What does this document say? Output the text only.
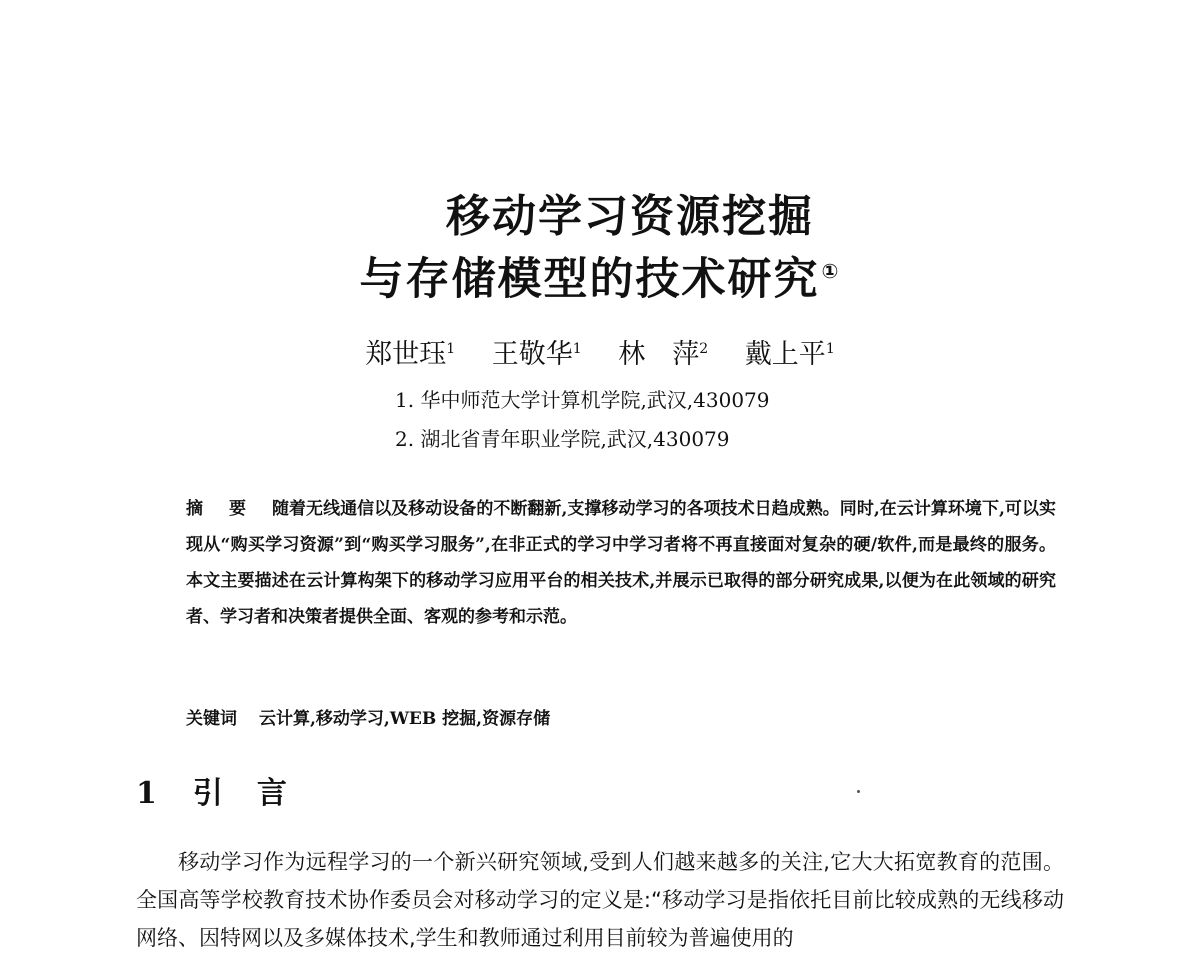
移动学习资源挖掘
与存储模型的技术研究 ①
郑世珏$^1$ 王敬华$^1$ 林　萍$^2$ 戴上平$^1$
1. 华中师范大学计算机学院,武汉,430079
2. 湖北省青年职业学院,武汉,430079
摘 要 随着无线通信以及移动设备的不断翻新,支撑移动学习的各项技术日趋成熟。同时,在云计算环境下,可以实现从“购买学习资源”到“购买学习服务”,在非正式的学习中学习者将不再直接面对复杂的硬/软件,而是最终的服务。本文主要描述在云计算构架下的移动学习应用平台的相关技术,并展示已取得的部分研究成果,以便为在此领域的研究者、学习者和决策者提供全面、客观的参考和示范。
关键词 云计算,移动学习,WEB 挖掘,资源存储
1 引言
移动学习作为远程学习的一个新兴研究领域,受到人们越来越多的关注,它大大拓宽教育的范围。全国高等学校教育技术协作委员会对移动学习的定义是:“移动学习是指依托目前比较成熟的无线移动网络、因特网以及多媒体技术,学生和教师通过利用目前较为普遍使用的
